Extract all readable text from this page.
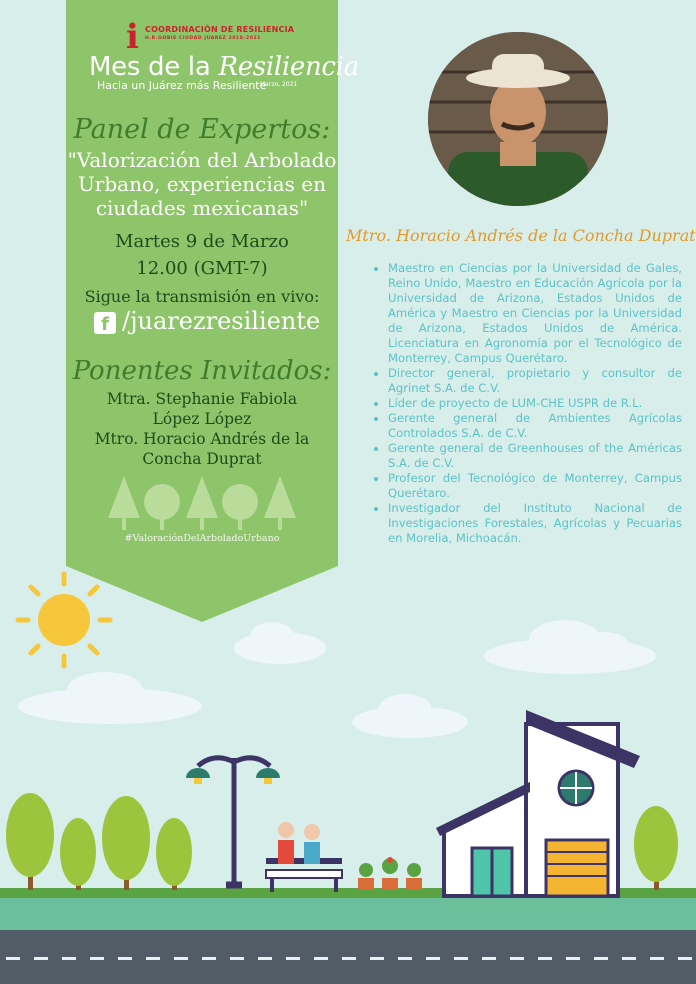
i COORDINACIÓN DE RESILIENCIA
H.R.GOBIE CIUDAD JUAREZ 2018-2021
Mes de la Resiliencia
Hacia un Juárez más Resiliente
Marzo, 2021
Panel de Expertos:
"Valorización del Arbolado
Urbano, experiencias en
ciudades mexicanas"
Martes 9 de Marzo
12.00 (GMT-7)
Sigue la transmisión en vivo:
f /juarezresiliente
Ponentes Invitados:
Mtra. Stephanie Fabiola
López López
Mtro. Horacio Andrés de la
Concha Duprat
#ValoraciónDelArboladoUrbano
Mtro. Horacio Andrés de la Concha Duprat
• Maestro en Ciencias por la Universidad de Gales, Reino Unido, Maestro en Educación Agrícola por la Universidad de Arizona, Estados Unidos de América y Maestro en Ciencias por la Universidad de Arizona, Estados Unidos de América. Licenciatura en Agronomía por el Tecnológico de Monterrey, Campus Querétaro.
• Director general, propietario y consultor de Agrinet S.A. de C.V.
• Líder de proyecto de LUM-CHE USPR de R.L.
• Gerente general de Ambientes Agrícolas Controlados S.A. de C.V.
• Gerente general de Greenhouses of the Américas S.A. de C.V.
• Profesor del Tecnológico de Monterrey, Campus Querétaro.
• Investigador del Instituto Nacional de Investigaciones Forestales, Agrícolas y Pecuarias en Morelia, Michoacán.
